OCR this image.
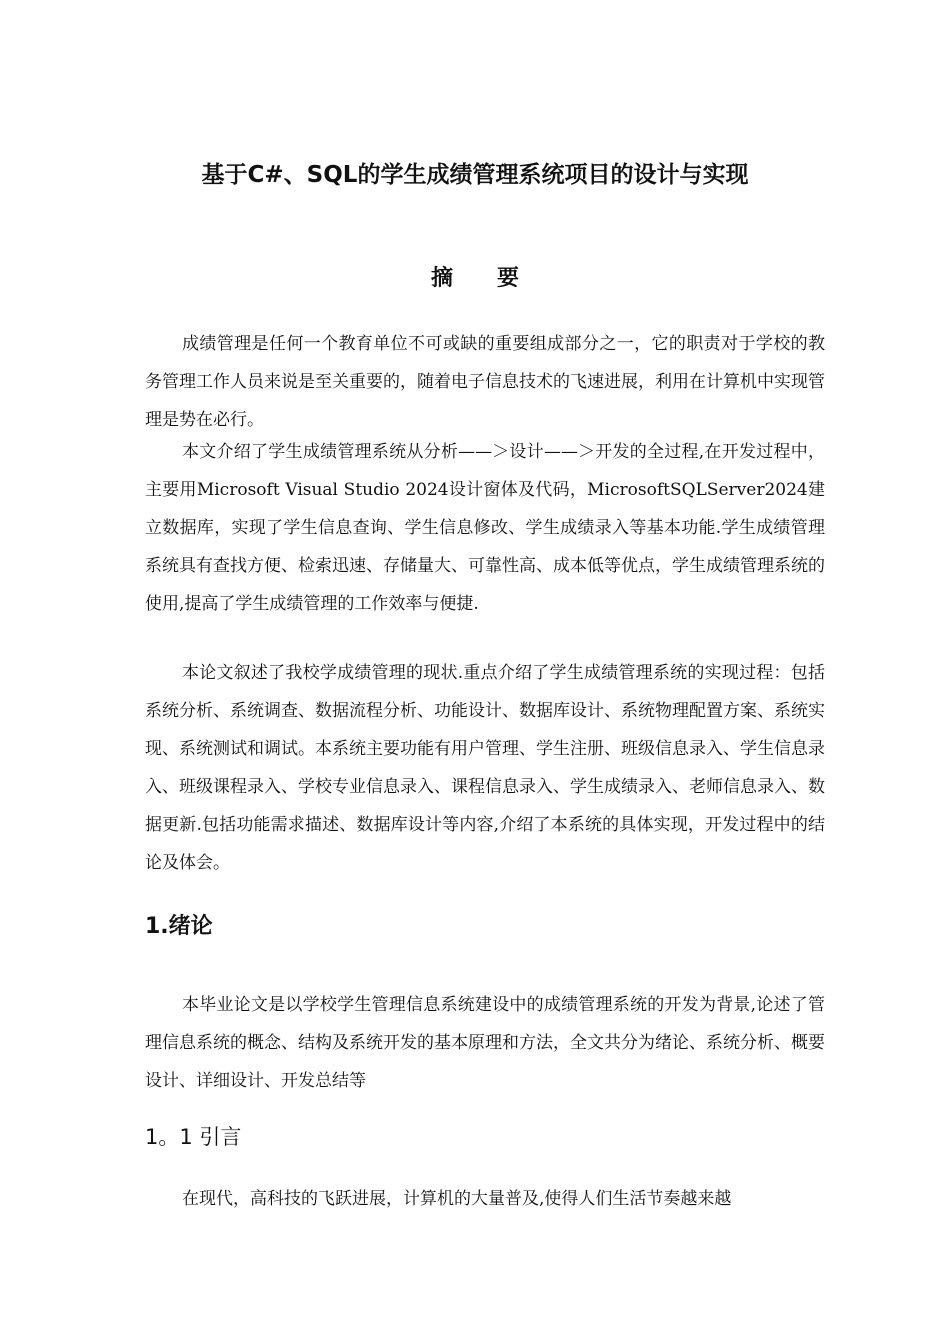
基于C#、SQL的学生成绩管理系统项目的设计与实现
摘要

成绩管理是任何一个教育单位不可或缺的重要组成部分之一，它的职责对于学校的教务管理工作人员来说是至关重要的，随着电子信息技术的飞速进展，利用在计算机中实现管理是势在必行。

本文介绍了学生成绩管理系统从分析——＞设计——＞开发的全过程,在开发过程中，主要用Microsoft Visual Studio 2024设计窗体及代码，MicrosoftSQLServer2024建立数据库，实现了学生信息查询、学生信息修改、学生成绩录入等基本功能.学生成绩管理系统具有查找方便、检索迅速、存储量大、可靠性高、成本低等优点，学生成绩管理系统的使用,提高了学生成绩管理的工作效率与便捷.

本论文叙述了我校学成绩管理的现状.重点介绍了学生成绩管理系统的实现过程：包括系统分析、系统调查、数据流程分析、功能设计、数据库设计、系统物理配置方案、系统实现、系统测试和调试。本系统主要功能有用户管理、学生注册、班级信息录入、学生信息录入、班级课程录入、学校专业信息录入、课程信息录入、学生成绩录入、老师信息录入、数据更新.包括功能需求描述、数据库设计等内容,介绍了本系统的具体实现，开发过程中的结论及体会。

1.绪论

本毕业论文是以学校学生管理信息系统建设中的成绩管理系统的开发为背景,论述了管理信息系统的概念、结构及系统开发的基本原理和方法，全文共分为绪论、系统分析、概要设计、详细设计、开发总结等

1。1 引言

在现代，高科技的飞跃进展，计算机的大量普及,使得人们生活节奏越来越
